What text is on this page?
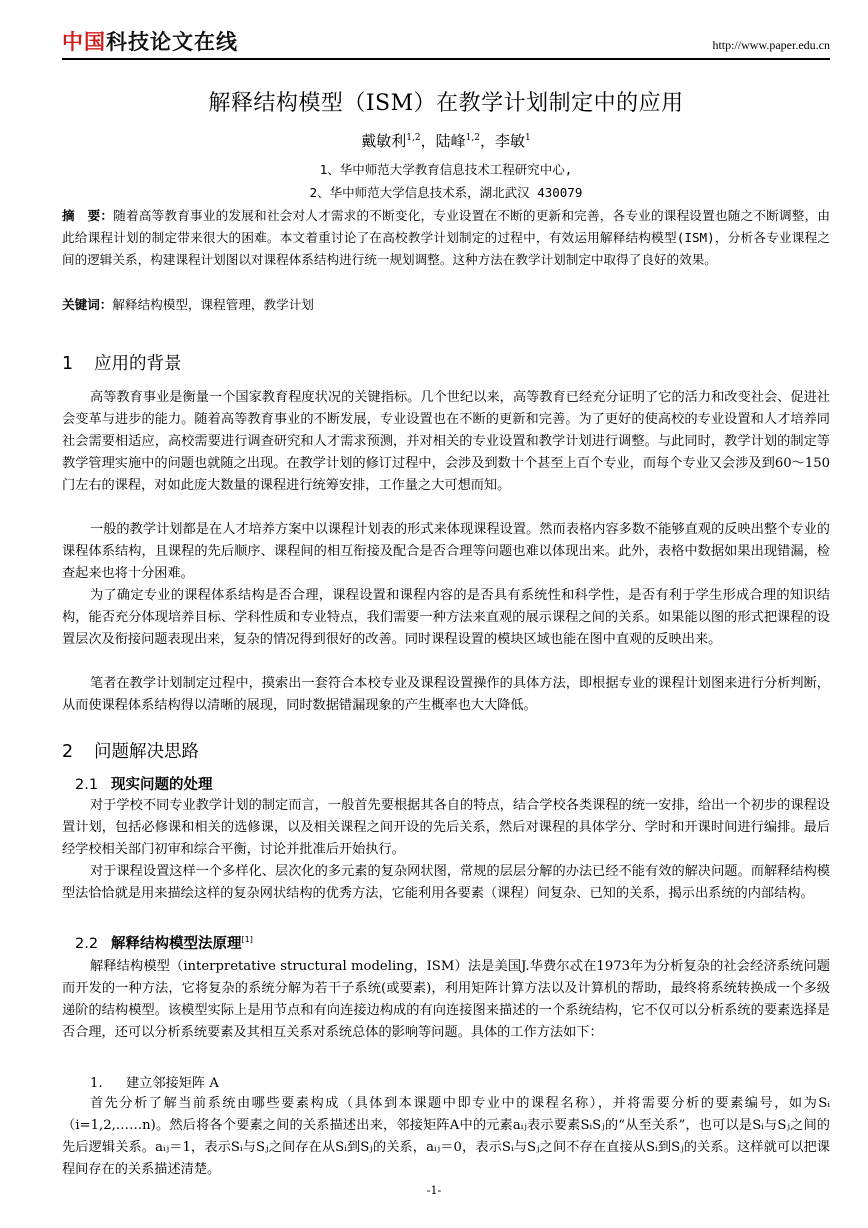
中国科技论文在线	http://www.paper.edu.cn
解释结构模型（ISM）在教学计划制定中的应用
戴敏利$^{1,2}$，陆峰$^{1,2}$，李敏$^1$
1、华中师范大学教育信息技术工程研究中心,
2、华中师范大学信息技术系，湖北武汉 430079
摘　要：随着高等教育事业的发展和社会对人才需求的不断变化，专业设置在不断的更新和完善，各专业的课程设置也随之不断调整，由此给课程计划的制定带来很大的困难。本文着重讨论了在高校教学计划制定的过程中，有效运用解释结构模型(ISM)，分析各专业课程之间的逻辑关系，构建课程计划图以对课程体系结构进行统一规划调整。这种方法在教学计划制定中取得了良好的效果。
关键词：解释结构模型，课程管理，教学计划
1 应用的背景
高等教育事业是衡量一个国家教育程度状况的关键指标。几个世纪以来，高等教育已经充分证明了它的活力和改变社会、促进社会变革与进步的能力。随着高等教育事业的不断发展，专业设置也在不断的更新和完善。为了更好的使高校的专业设置和人才培养同社会需要相适应，高校需要进行调查研究和人才需求预测，并对相关的专业设置和教学计划进行调整。与此同时，教学计划的制定等教学管理实施中的问题也就随之出现。在教学计划的修订过程中，会涉及到数十个甚至上百个专业，而每个专业又会涉及到60～150门左右的课程，对如此庞大数量的课程进行统筹安排，工作量之大可想而知。
一般的教学计划都是在人才培养方案中以课程计划表的形式来体现课程设置。然而表格内容多数不能够直观的反映出整个专业的课程体系结构，且课程的先后顺序、课程间的相互衔接及配合是否合理等问题也难以体现出来。此外，表格中数据如果出现错漏，检查起来也将十分困难。
为了确定专业的课程体系结构是否合理，课程设置和课程内容的是否具有系统性和科学性，是否有利于学生形成合理的知识结构，能否充分体现培养目标、学科性质和专业特点，我们需要一种方法来直观的展示课程之间的关系。如果能以图的形式把课程的设置层次及衔接问题表现出来，复杂的情况得到很好的改善。同时课程设置的模块区域也能在图中直观的反映出来。
笔者在教学计划制定过程中，摸索出一套符合本校专业及课程设置操作的具体方法，即根据专业的课程计划图来进行分析判断，从而使课程体系结构得以清晰的展现，同时数据错漏现象的产生概率也大大降低。
2 问题解决思路
2.1 现实问题的处理
对于学校不同专业教学计划的制定而言，一般首先要根据其各自的特点，结合学校各类课程的统一安排，给出一个初步的课程设置计划，包括必修课和相关的选修课，以及相关课程之间开设的先后关系，然后对课程的具体学分、学时和开课时间进行编排。最后经学校相关部门初审和综合平衡，讨论并批准后开始执行。
对于课程设置这样一个多样化、层次化的多元素的复杂网状图，常规的层层分解的办法已经不能有效的解决问题。而解释结构模型法恰恰就是用来描绘这样的复杂网状结构的优秀方法，它能利用各要素（课程）间复杂、已知的关系，揭示出系统的内部结构。
2.2 解释结构模型法原理[1]
解释结构模型（interpretative structural modeling，ISM）法是美国J.华费尔忒在1973年为分析复杂的社会经济系统问题而开发的一种方法，它将复杂的系统分解为若干子系统(或要素)，利用矩阵计算方法以及计算机的帮助，最终将系统转换成一个多级递阶的结构模型。该模型实际上是用节点和有向连接边构成的有向连接图来描述的一个系统结构，它不仅可以分析系统的要素选择是否合理，还可以分析系统要素及其相互关系对系统总体的影响等问题。具体的工作方法如下：
1. 建立邻接矩阵 A
首先分析了解当前系统由哪些要素构成（具体到本课题中即专业中的课程名称），并将需要分析的要素编号，如为Sᵢ（i=1,2,……n)。然后将各个要素之间的关系描述出来，邻接矩阵A中的元素aᵢⱼ表示要素SᵢSⱼ的“从至关系”，也可以是Sᵢ与Sⱼ之间的先后逻辑关系。aᵢⱼ＝1，表示Sᵢ与Sⱼ之间存在从Sᵢ到Sⱼ的关系，aᵢⱼ＝0，表示Sᵢ与Sⱼ之间不存在直接从Sᵢ到Sⱼ的关系。这样就可以把课程间存在的关系描述清楚。
-1-
